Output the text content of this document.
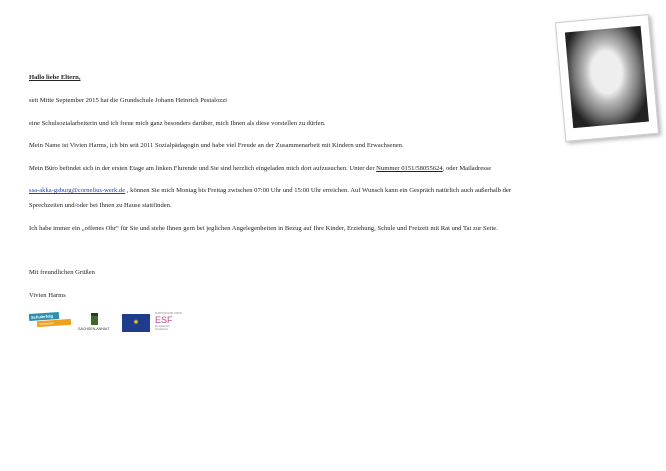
Hallo liebe Eltern,
seit Mitte September 2015 hat die Grundschule Johann Heinrich Pestalozzi
eine Schulsozialarbeiterin und ich freue mich ganz besonders darüber, mich Ihnen als diese vorstellen zu dürfen.
Mein Name ist Vivien Harms, ich bin seit 2011 Sozialpädagogin und habe viel Freude an der Zusammenarbeit mit Kindern und Erwachsenen.
Mein Büro befindet sich in der ersten Etage am linken Flurende und Sie sind herzlich eingeladen mich dort aufzusuchen. Unter der Nummer 0151/58055624, oder Mailadresse
ssa-akka-gsburg@cornelius-werk.de , können Sie mich Montag bis Freitag zwischen 07:00 Uhr und 15:00 Uhr erreichen. Auf Wunsch kann ein Gespräch natürlich auch außerhalb der
Sprechzeiten und/oder bei Ihnen zu Hause stattfinden.
Ich habe immer ein „offenes Ohr“ für Sie und stehe Ihnen gern bei jeglichen Angelegenheiten in Bezug auf Ihre Kinder, Erziehung, Schule und Freizeit mit Rat und Tat zur Seite.
Mit freundlichen Grüßen
Vivien Harms
Schulerfolg
verbessern
SACHSEN-ANHALT
✺
EUROPÄISCHE UNION
ESF
Europäischer Sozialfonds
